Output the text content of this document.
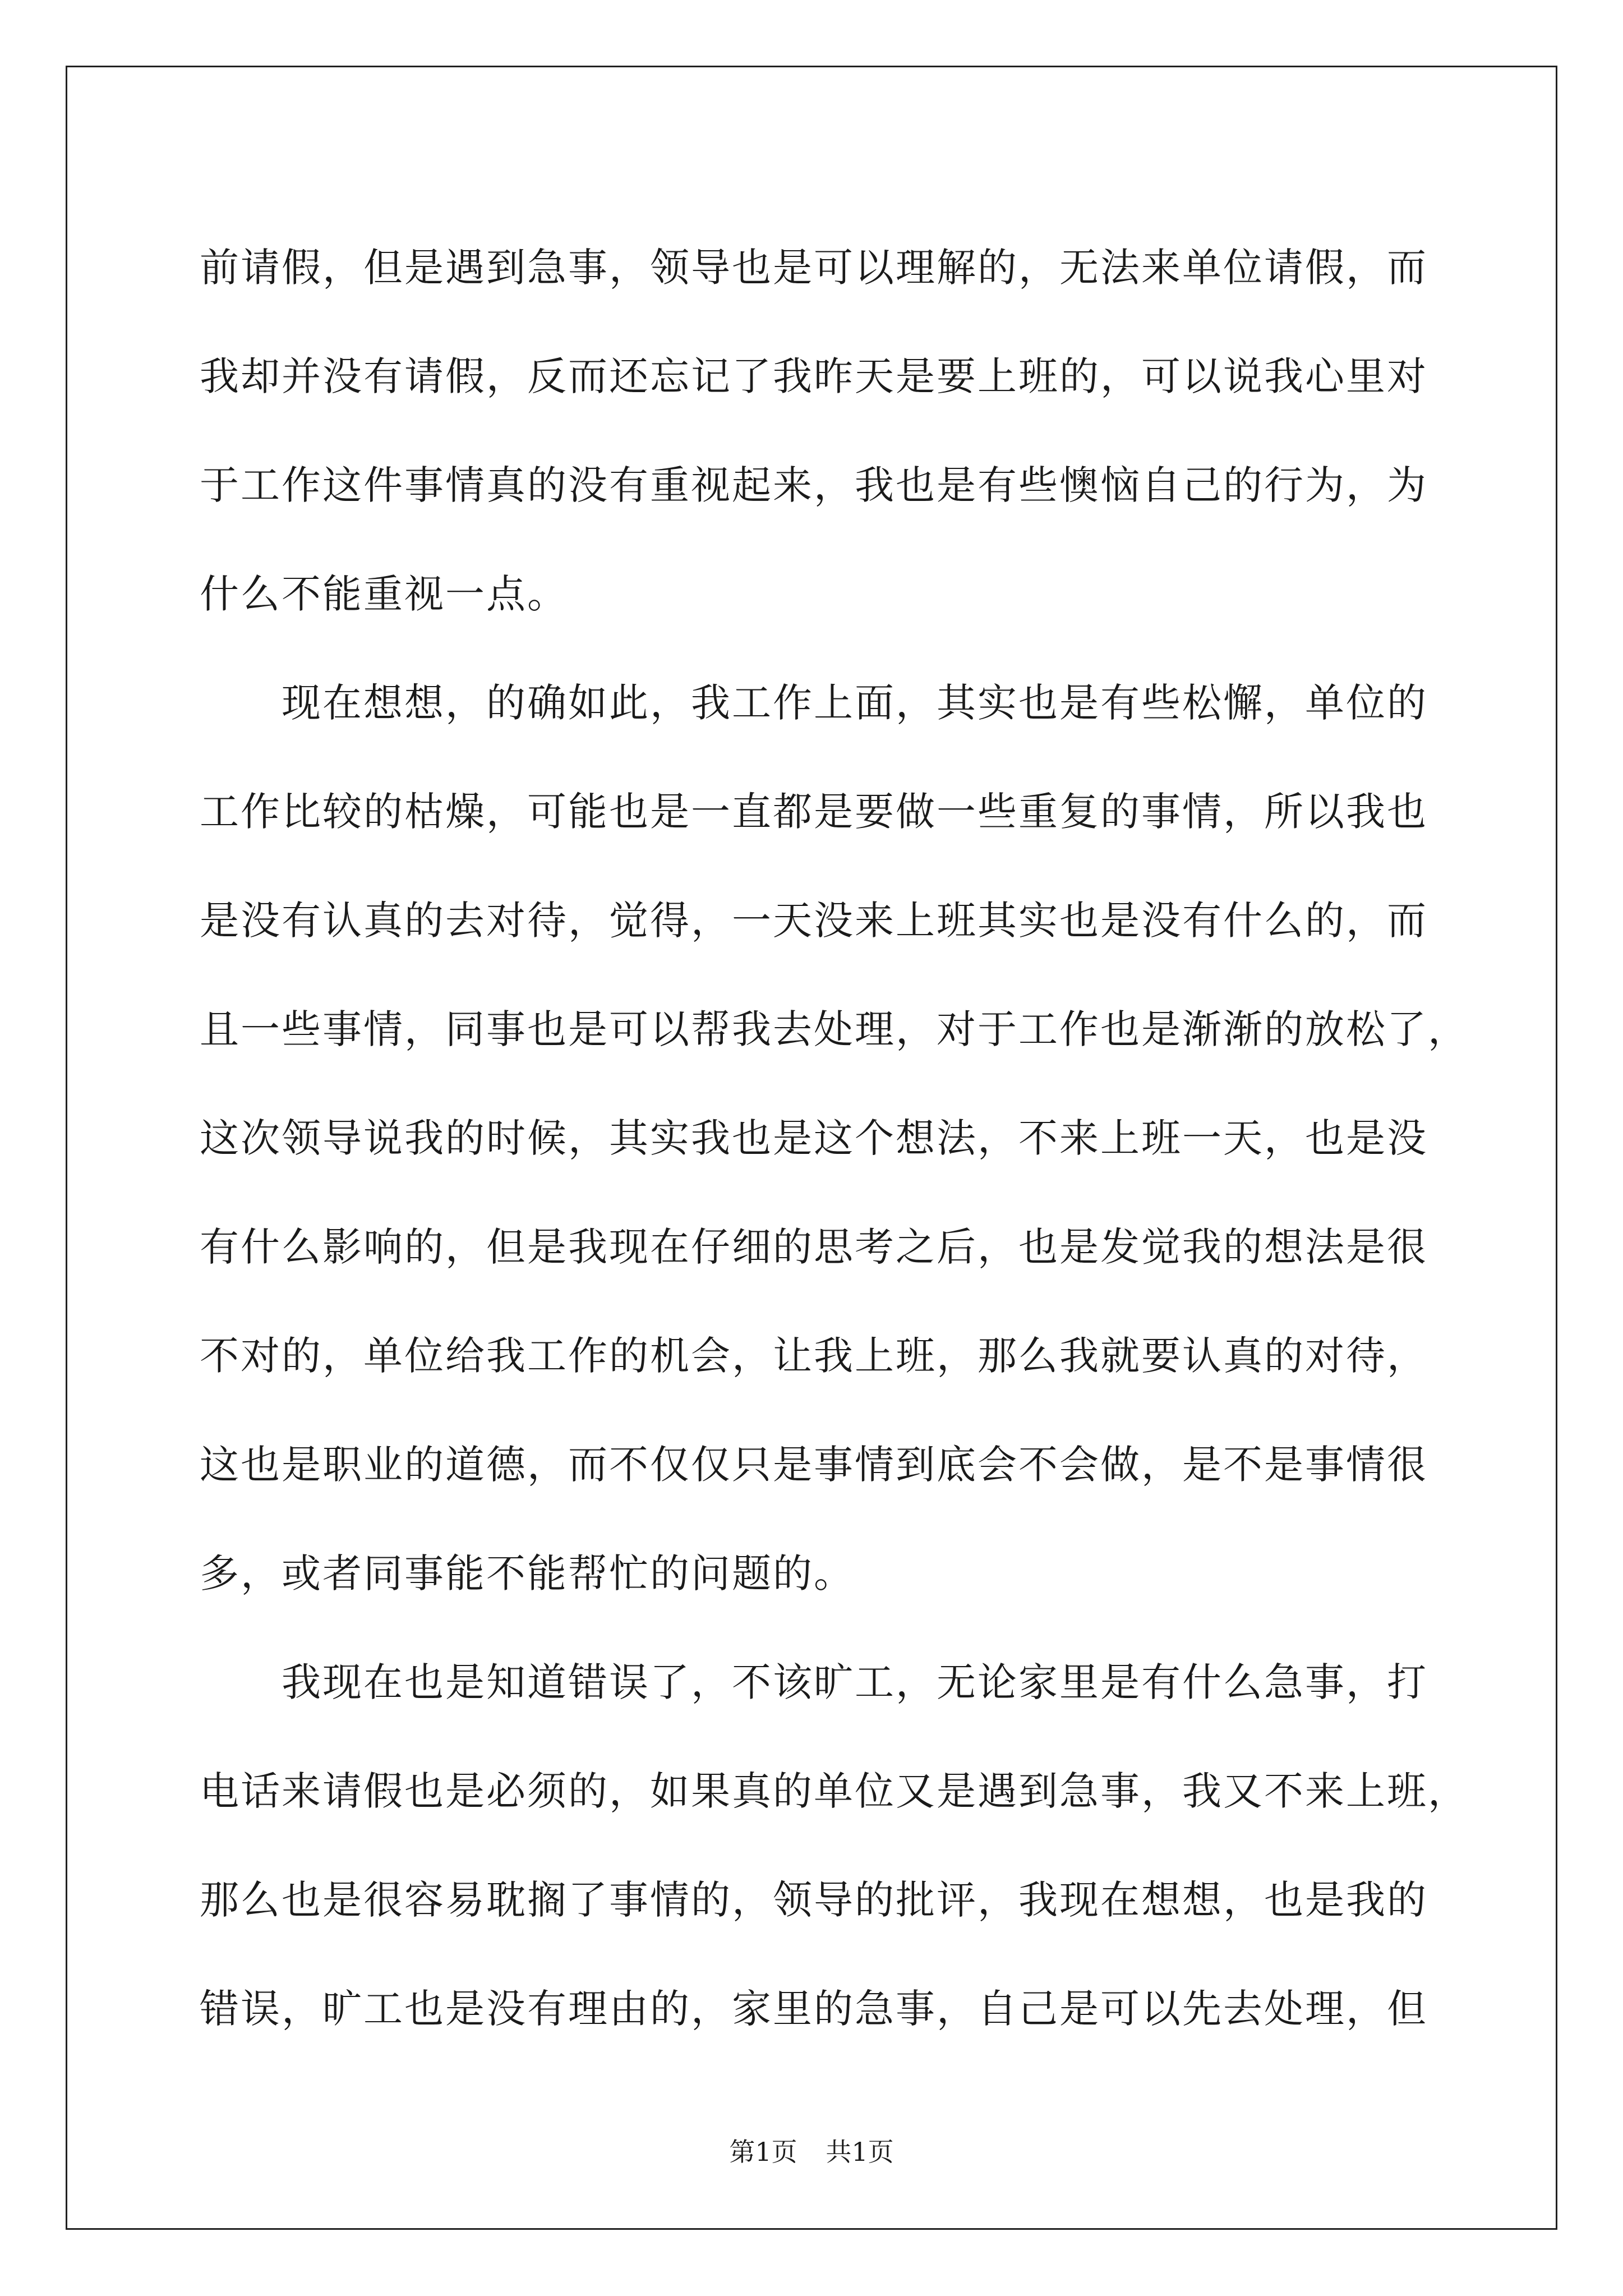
前请假，但是遇到急事，领导也是可以理解的，无法来单位请假，而
我却并没有请假，反而还忘记了我昨天是要上班的，可以说我心里对
于工作这件事情真的没有重视起来，我也是有些懊恼自己的行为，为
什么不能重视一点。
　　现在想想，的确如此，我工作上面，其实也是有些松懈，单位的
工作比较的枯燥，可能也是一直都是要做一些重复的事情，所以我也
是没有认真的去对待，觉得，一天没来上班其实也是没有什么的，而
且一些事情，同事也是可以帮我去处理，对于工作也是渐渐的放松了，
这次领导说我的时候，其实我也是这个想法，不来上班一天，也是没
有什么影响的，但是我现在仔细的思考之后，也是发觉我的想法是很
不对的，单位给我工作的机会，让我上班，那么我就要认真的对待，
这也是职业的道德，而不仅仅只是事情到底会不会做，是不是事情很
多，或者同事能不能帮忙的问题的。
　　我现在也是知道错误了，不该旷工，无论家里是有什么急事，打
电话来请假也是必须的，如果真的单位又是遇到急事，我又不来上班，
那么也是很容易耽搁了事情的，领导的批评，我现在想想，也是我的
错误，旷工也是没有理由的，家里的急事，自己是可以先去处理，但
第1页 共1页
